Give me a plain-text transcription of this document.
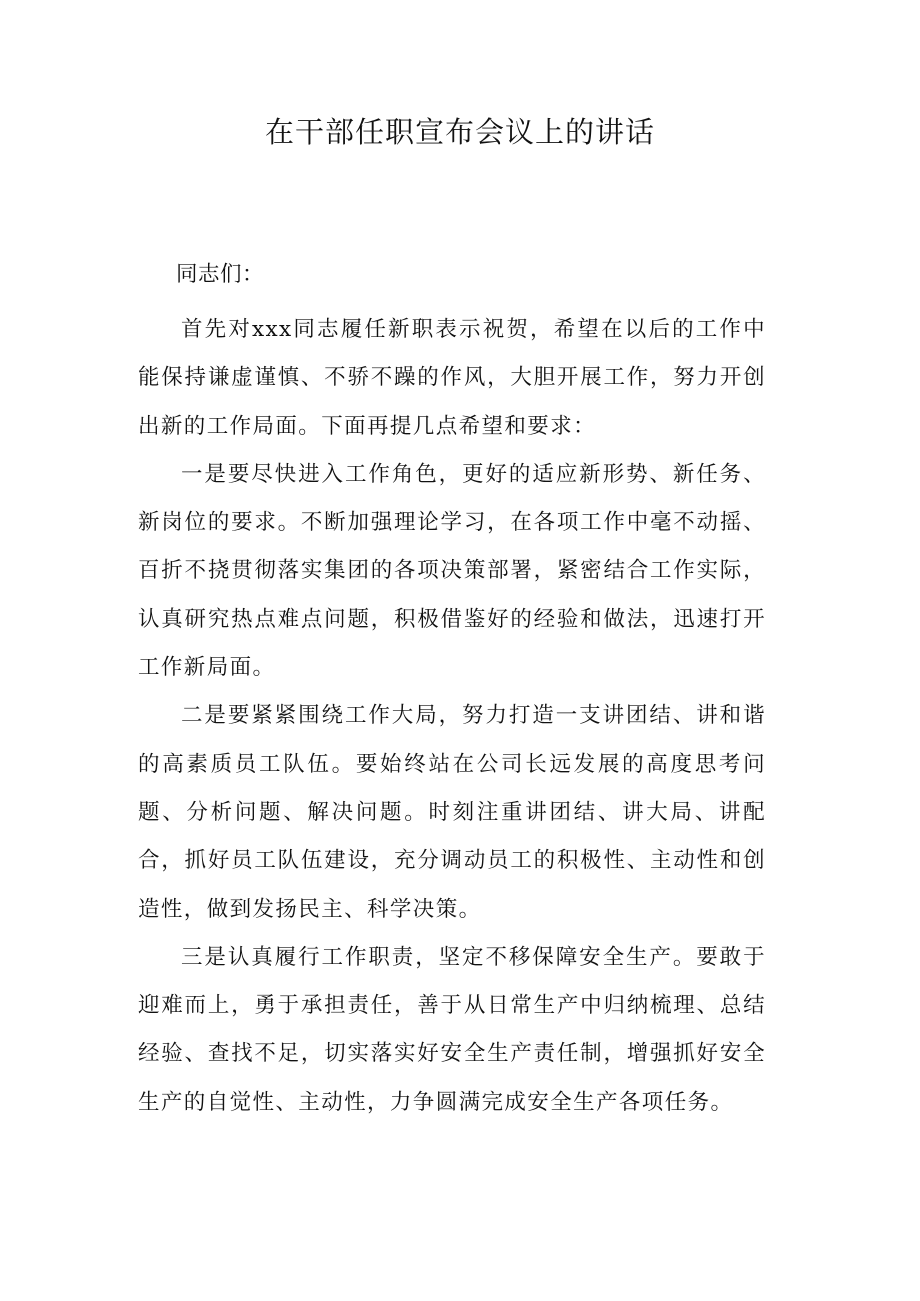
在干部任职宣布会议上的讲话

同志们：

首先对xxx同志履任新职表示祝贺，希望在以后的工作中能保持谦虚谨慎、不骄不躁的作风，大胆开展工作，努力开创出新的工作局面。下面再提几点希望和要求：

一是要尽快进入工作角色，更好的适应新形势、新任务、新岗位的要求。不断加强理论学习，在各项工作中毫不动摇、百折不挠贯彻落实集团的各项决策部署，紧密结合工作实际，认真研究热点难点问题，积极借鉴好的经验和做法，迅速打开工作新局面。

二是要紧紧围绕工作大局，努力打造一支讲团结、讲和谐的高素质员工队伍。要始终站在公司长远发展的高度思考问题、分析问题、解决问题。时刻注重讲团结、讲大局、讲配合，抓好员工队伍建设，充分调动员工的积极性、主动性和创造性，做到发扬民主、科学决策。

三是认真履行工作职责，坚定不移保障安全生产。要敢于迎难而上，勇于承担责任，善于从日常生产中归纳梳理、总结经验、查找不足，切实落实好安全生产责任制，增强抓好安全生产的自觉性、主动性，力争圆满完成安全生产各项任务。
